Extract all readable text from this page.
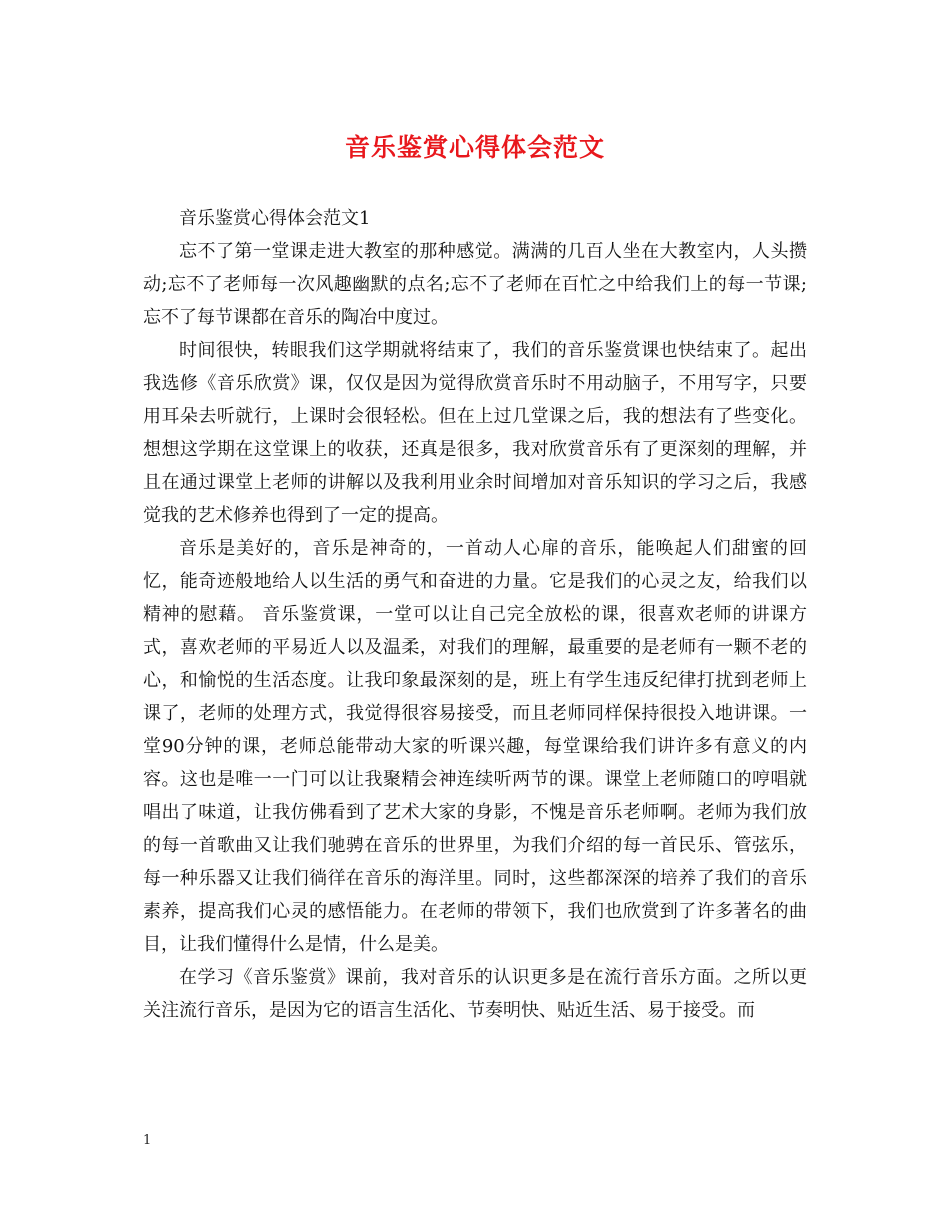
音乐鉴赏心得体会范文

音乐鉴赏心得体会范文1

忘不了第一堂课走进大教室的那种感觉。满满的几百人坐在大教室内，人头攒动;忘不了老师每一次风趣幽默的点名;忘不了老师在百忙之中给我们上的每一节课;忘不了每节课都在音乐的陶冶中度过。

时间很快，转眼我们这学期就将结束了，我们的音乐鉴赏课也快结束了。起出我选修《音乐欣赏》课，仅仅是因为觉得欣赏音乐时不用动脑子，不用写字，只要用耳朵去听就行，上课时会很轻松。但在上过几堂课之后，我的想法有了些变化。想想这学期在这堂课上的收获，还真是很多，我对欣赏音乐有了更深刻的理解，并且在通过课堂上老师的讲解以及我利用业余时间增加对音乐知识的学习之后，我感觉我的艺术修养也得到了一定的提高。

音乐是美好的，音乐是神奇的，一首动人心扉的音乐，能唤起人们甜蜜的回忆，能奇迹般地给人以生活的勇气和奋进的力量。它是我们的心灵之友，给我们以精神的慰藉。 音乐鉴赏课，一堂可以让自己完全放松的课，很喜欢老师的讲课方式，喜欢老师的平易近人以及温柔，对我们的理解，最重要的是老师有一颗不老的心，和愉悦的生活态度。让我印象最深刻的是，班上有学生违反纪律打扰到老师上课了，老师的处理方式，我觉得很容易接受，而且老师同样保持很投入地讲课。一堂90分钟的课，老师总能带动大家的听课兴趣，每堂课给我们讲许多有意义的内容。这也是唯一一门可以让我聚精会神连续听两节的课。课堂上老师随口的哼唱就唱出了味道，让我仿佛看到了艺术大家的身影，不愧是音乐老师啊。老师为我们放的每一首歌曲又让我们驰骋在音乐的世界里，为我们介绍的每一首民乐、管弦乐，每一种乐器又让我们徜徉在音乐的海洋里。同时，这些都深深的培养了我们的音乐素养，提高我们心灵的感悟能力。在老师的带领下，我们也欣赏到了许多著名的曲目，让我们懂得什么是情，什么是美。

在学习《音乐鉴赏》课前，我对音乐的认识更多是在流行音乐方面。之所以更关注流行音乐，是因为它的语言生活化、节奏明快、贴近生活、易于接受。而

1
